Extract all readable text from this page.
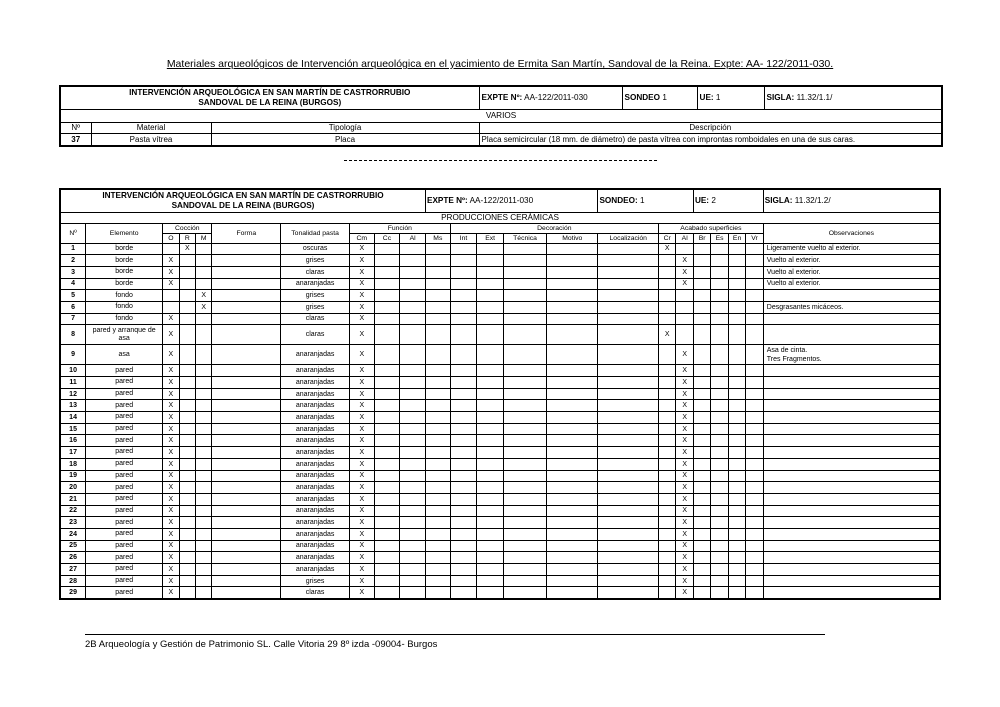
Materiales arqueológicos de Intervención arqueológica en el yacimiento de Ermita San Martín, Sandoval de la Reina. Expte: AA- 122/2011-030.
INTERVENCIÓN ARQUEOLÓGICA EN SAN MARTÍN DE CASTRORRUBIO
SANDOVAL DE LA REINA (BURGOS)			EXPTE Nº: AA-122/2011-030	SONDEO 1	UE: 1	SIGLA: 11.32/1.1/
VARIOS						
Nº	Material	Tipología	Descripción			
37	Pasta vítrea	Placa	Placa semicircular (18 mm. de diámetro) de pasta vítrea con improntas romboidales en una de sus caras.			
INTERVENCIÓN ARQUEOLÓGICA EN SAN MARTÍN DE CASTRORRUBIO
SANDOVAL DE LA REINA (BURGOS)										EXPTE Nº: AA-122/2011-030					SONDEO: 1			UE: 2				SIGLA: 11.32/1.2/
PRODUCCIONES CERÁMICAS																						
Nº	Elemento	Cocción			Forma	Tonalidad pasta	Función				Decoración					Acabado superficies						Observaciones
		O	R	M			Cm	Cc	Al	Ms	Int	Ext	Técnica	Motivo	Localización	Cr	Al	Br	Es	En	Vr	
1	borde		X			oscuras	X									X						Ligeramente vuelto al exterior.
2	borde	X				grises	X										X					Vuelto al exterior.
3	borde	X				claras	X										X					Vuelto al exterior.
4	borde	X				anaranjadas	X										X					Vuelto al exterior.
5	fondo			X		grises	X															
6	fondo			X		grises	X															Desgrasantes micáceos.
7	fondo	X				claras	X															
8	pared y arranque de asa	X				claras	X									X						
9	asa	X				anaranjadas	X										X					Asa de cinta.
Tres Fragmentos.
10	pared	X				anaranjadas	X										X					
11	pared	X				anaranjadas	X										X					
12	pared	X				anaranjadas	X										X					
13	pared	X				anaranjadas	X										X					
14	pared	X				anaranjadas	X										X					
15	pared	X				anaranjadas	X										X					
16	pared	X				anaranjadas	X										X					
17	pared	X				anaranjadas	X										X					
18	pared	X				anaranjadas	X										X					
19	pared	X				anaranjadas	X										X					
20	pared	X				anaranjadas	X										X					
21	pared	X				anaranjadas	X										X					
22	pared	X				anaranjadas	X										X					
23	pared	X				anaranjadas	X										X					
24	pared	X				anaranjadas	X										X					
25	pared	X				anaranjadas	X										X					
26	pared	X				anaranjadas	X										X					
27	pared	X				anaranjadas	X										X					
28	pared	X				grises	X										X					
29	pared	X				claras	X										X					
2B Arqueología y Gestión de Patrimonio SL. Calle Vitoria 29 8º izda -09004- Burgos
